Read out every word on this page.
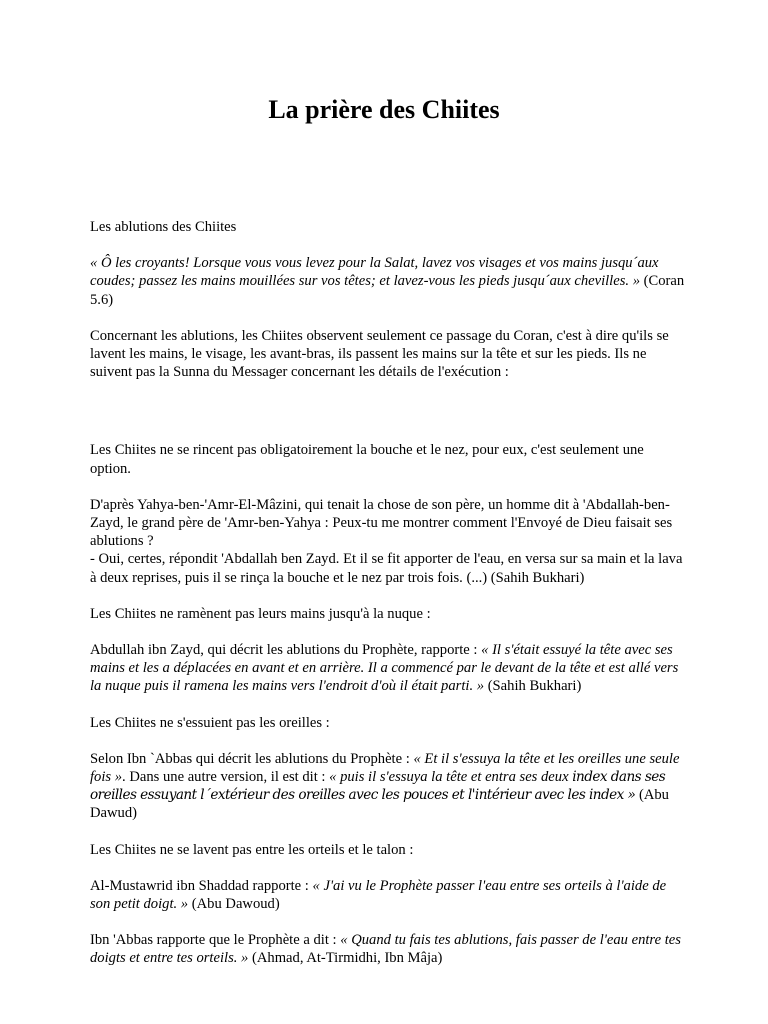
La prière des Chiites

Les ablutions des Chiites

« Ô les croyants! Lorsque vous vous levez pour la Salat, lavez vos visages et vos mains jusqu´aux coudes; passez les mains mouillées sur vos têtes; et lavez-vous les pieds jusqu´aux chevilles. » (Coran 5.6)

Concernant les ablutions, les Chiites observent seulement ce passage du Coran, c'est à dire qu'ils se lavent les mains, le visage, les avant-bras, ils passent les mains sur la tête et sur les pieds. Ils ne suivent pas la Sunna du Messager concernant les détails de l'exécution :

Les Chiites ne se rincent pas obligatoirement la bouche et le nez, pour eux, c'est seulement une option.

D'après Yahya-ben-'Amr-El-Mâzini, qui tenait la chose de son père, un homme dit à 'Abdallah-ben-Zayd, le grand père de 'Amr-ben-Yahya : Peux-tu me montrer comment l'Envoyé de Dieu faisait ses ablutions ?
- Oui, certes, répondit 'Abdallah ben Zayd. Et il se fit apporter de l'eau, en versa sur sa main et la lava à deux reprises, puis il se rinça la bouche et le nez par trois fois. (...) (Sahih Bukhari)

Les Chiites ne ramènent pas leurs mains jusqu'à la nuque :

Abdullah ibn Zayd, qui décrit les ablutions du Prophète, rapporte : « Il s'était essuyé la tête avec ses mains et les a déplacées en avant et en arrière. Il a commencé par le devant de la tête et est allé vers la nuque puis il ramena les mains vers l'endroit d'où il était parti. » (Sahih Bukhari)

Les Chiites ne s'essuient pas les oreilles :

Selon Ibn `Abbas qui décrit les ablutions du Prophète : « Et il s'essuya la tête et les oreilles une seule fois ». Dans une autre version, il est dit : « puis il s'essuya la tête et entra ses deux index dans ses oreilles essuyant l´extérieur des oreilles avec les pouces et l'intérieur avec les index » (Abu Dawud)

Les Chiites ne se lavent pas entre les orteils et le talon :

Al-Mustawrid ibn Shaddad rapporte : « J'ai vu le Prophète passer l'eau entre ses orteils à l'aide de son petit doigt. » (Abu Dawoud)

Ibn 'Abbas rapporte que le Prophète a dit : « Quand tu fais tes ablutions, fais passer de l'eau entre tes doigts et entre tes orteils. » (Ahmad, At-Tirmidhi, Ibn Mâja)
